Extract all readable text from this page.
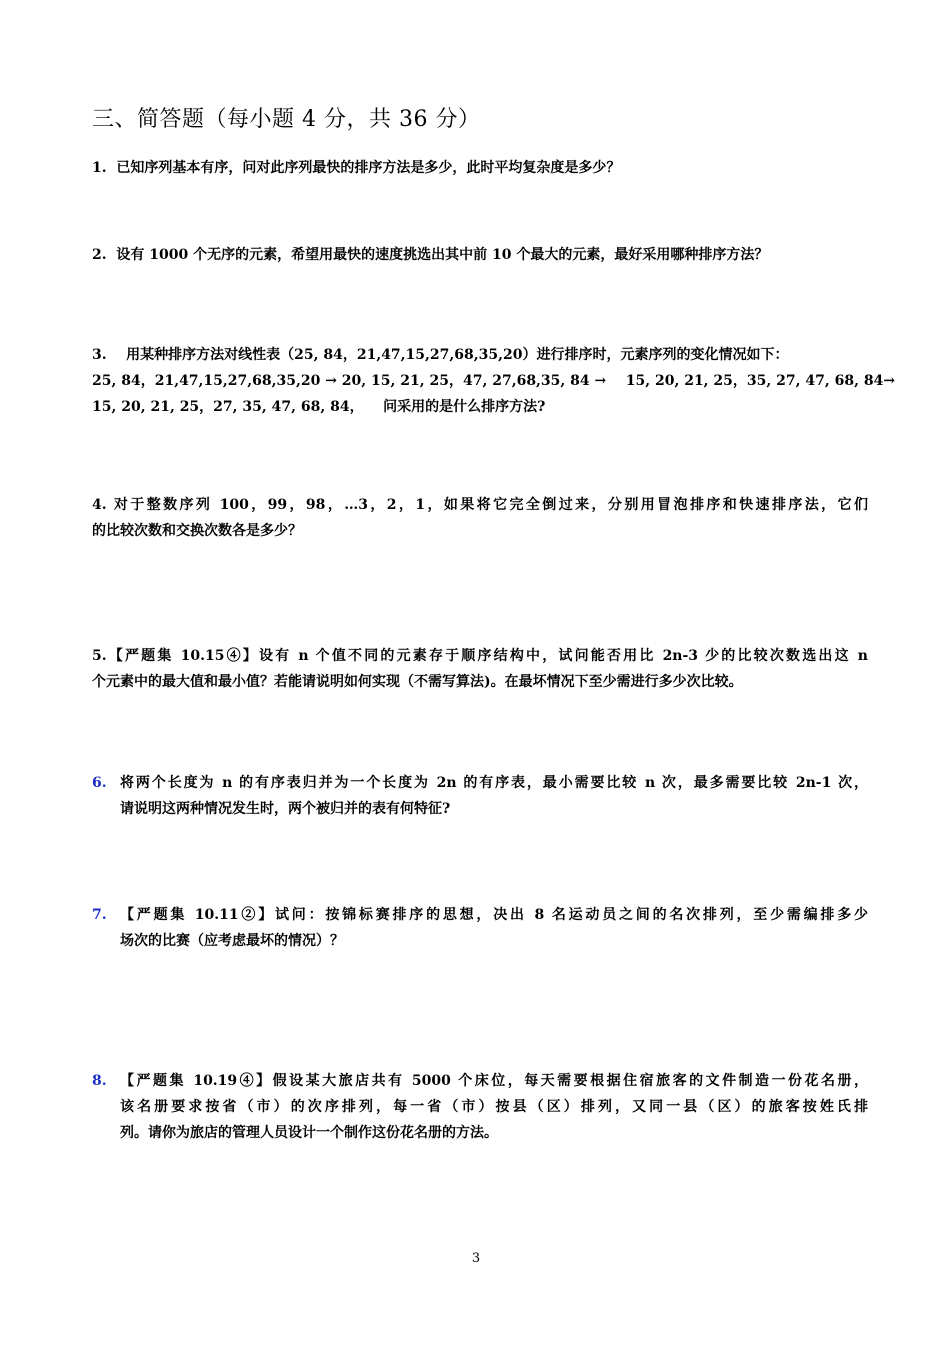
三、简答题（每小题 4 分，共 36 分）
1. 已知序列基本有序，问对此序列最快的排序方法是多少，此时平均复杂度是多少？
2. 设有 1000 个无序的元素，希望用最快的速度挑选出其中前 10 个最大的元素，最好采用哪种排序方法？
3. 用某种排序方法对线性表（25, 84，21,47,15,27,68,35,20）进行排序时，元素序列的变化情况如下：
25, 84，21,47,15,27,68,35,20 → 20, 15, 21, 25，47, 27,68,35, 84 →    15, 20, 21, 25，35, 27, 47, 68, 84→
15, 20, 21, 25，27, 35, 47, 68, 84，    问采用的是什么排序方法?
4. 对于整数序列 100，99，98，…3，2，1，如果将它完全倒过来，分别用冒泡排序和快速排序法，它们
的比较次数和交换次数各是多少？
5.【严题集 10.15④】设有 n 个值不同的元素存于顺序结构中，试问能否用比 2n-3 少的比较次数选出这 n
个元素中的最大值和最小值？若能请说明如何实现（不需写算法)。在最坏情况下至少需进行多少次比较。
6. 将两个长度为 n 的有序表归并为一个长度为 2n 的有序表，最小需要比较 n 次，最多需要比较 2n-1 次，
请说明这两种情况发生时，两个被归并的表有何特征?
7. 【严题集 10.11②】试问：按锦标赛排序的思想，决出 8 名运动员之间的名次排列，至少需编排多少
场次的比赛（应考虑最坏的情况）？
8. 【严题集 10.19④】假设某大旅店共有 5000 个床位，每天需要根据住宿旅客的文件制造一份花名册，
该名册要求按省（市）的次序排列，每一省（市）按县（区）排列，又同一县（区）的旅客按姓氏排
列。请你为旅店的管理人员设计一个制作这份花名册的方法。
3
